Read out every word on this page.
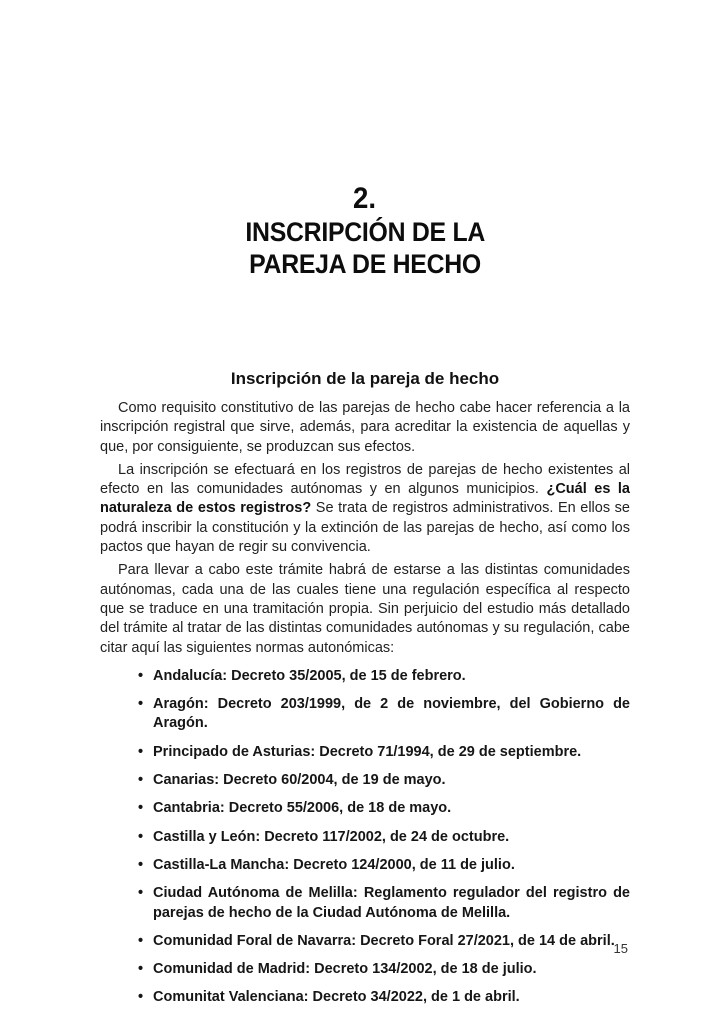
2.
INSCRIPCIÓN DE LA
PAREJA DE HECHO
Inscripción de la pareja de hecho

Como requisito constitutivo de las parejas de hecho cabe hacer referencia a la inscripción registral que sirve, además, para acreditar la existencia de aquellas y que, por consiguiente, se produzcan sus efectos.

La inscripción se efectuará en los registros de parejas de hecho existentes al efecto en las comunidades autónomas y en algunos municipios. ¿Cuál es la naturaleza de estos registros? Se trata de registros administrativos. En ellos se podrá inscribir la constitución y la extinción de las parejas de hecho, así como los pactos que hayan de regir su convivencia.

Para llevar a cabo este trámite habrá de estarse a las distintas comunidades autónomas, cada una de las cuales tiene una regulación específica al respecto que se traduce en una tramitación propia. Sin perjuicio del estudio más detallado del trámite al tratar de las distintas comunidades autónomas y su regulación, cabe citar aquí las siguientes normas autonómicas:

• Andalucía: Decreto 35/2005, de 15 de febrero.
• Aragón: Decreto 203/1999, de 2 de noviembre, del Gobierno de Aragón.
• Principado de Asturias: Decreto 71/1994, de 29 de septiembre.
• Canarias: Decreto 60/2004, de 19 de mayo.
• Cantabria: Decreto 55/2006, de 18 de mayo.
• Castilla y León: Decreto 117/2002, de 24 de octubre.
• Castilla-La Mancha: Decreto 124/2000, de 11 de julio.
• Ciudad Autónoma de Melilla: Reglamento regulador del registro de parejas de hecho de la Ciudad Autónoma de Melilla.
• Comunidad Foral de Navarra: Decreto Foral 27/2021, de 14 de abril.
• Comunidad de Madrid: Decreto 134/2002, de 18 de julio.
• Comunitat Valenciana: Decreto 34/2022, de 1 de abril.
15
